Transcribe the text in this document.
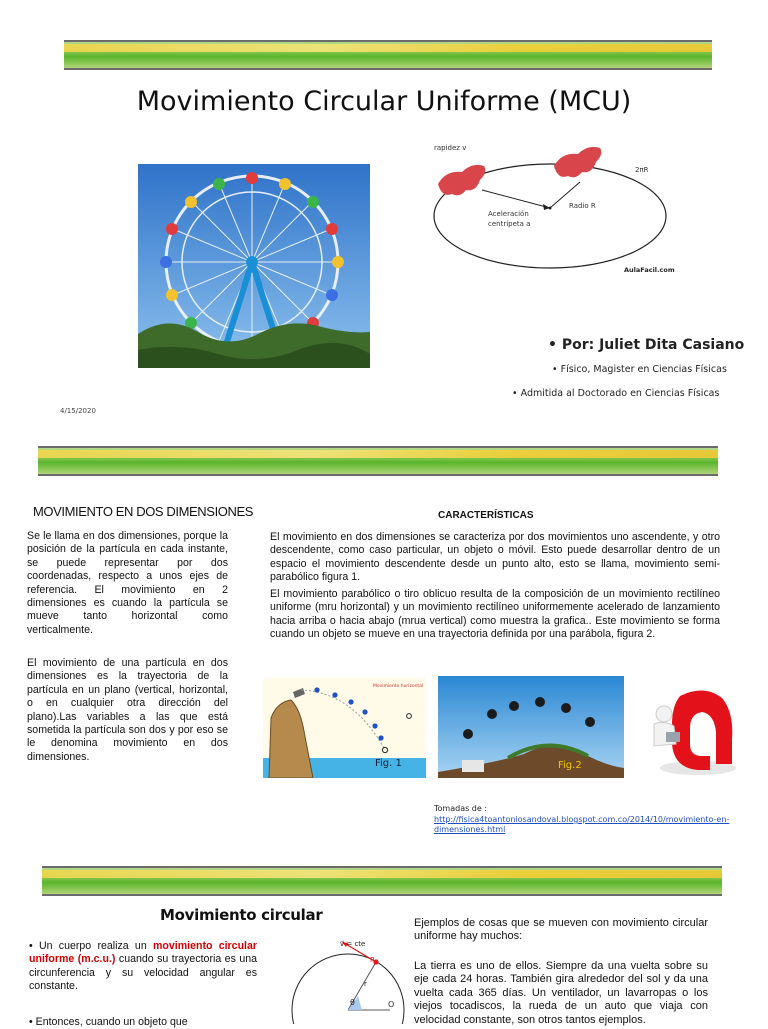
Movimiento Circular Uniforme (MCU)
rapidez v
2πR
Radio R
Aceleración
centrípeta a
AulaFacil.com
• Por: Juliet Dita Casiano
• Físico, Magister en Ciencias Físicas
• Admitida al Doctorado en Ciencias Físicas
4/15/2020
MOVIMIENTO EN DOS DIMENSIONES
Se le llama en dos dimensiones, porque la posición de la partícula en cada instante, se puede representar por dos coordenadas, respecto a unos ejes de referencia. El movimiento en 2 dimensiones es cuando la partícula se mueve tanto horizontal como verticalmente.
El movimiento de una partícula en dos dimensiones es la trayectoria de la partícula en un plano (vertical, horizontal, o en cualquier otra dirección del plano).Las variables a las que está sometida la partícula son dos y por eso se le denomina movimiento en dos dimensiones.
CARACTERÍSTICAS
El movimiento en dos dimensiones se caracteriza por dos movimientos uno ascendente, y otro descendente, como caso particular, un objeto o móvil. Esto puede desarrollar dentro de un espacio el movimiento descendente desde un punto alto, esto se llama, movimiento semi-parabólico figura 1.
El movimiento parabólico o tiro oblicuo resulta de la composición de un movimiento rectilíneo uniforme (mru horizontal) y un movimiento rectilíneo uniformemente acelerado de lanzamiento hacia arriba o hacia abajo (mrua vertical) como muestra la grafica.. Este movimiento se forma cuando un objeto se mueve en una trayectoria definida por una parábola, figura 2.
Movimiento horizontal
Fig. 1	Fig.2
Tomadas de :
http://fisica4toantoniosandoval.blogspot.com.co/2014/10/movimiento-en-dimensiones.html
Movimiento circular
• Un cuerpo realiza un movimiento circular uniforme (m.c.u.) cuando su trayectoria es una circunferencia y su velocidad angular es constante.
• Entonces, cuando un objeto que
v⃗ = cte
P
r
θ	O
Ejemplos de cosas que se mueven con movimiento circular uniforme hay muchos:
La tierra es uno de ellos. Siempre da una vuelta sobre su eje cada 24 horas. También gira alrededor del sol y da una vuelta cada 365 días. Un ventilador, un lavarropas o los viejos tocadiscos, la rueda de un auto que viaja con velocidad constante, son otros tantos ejemplos.
